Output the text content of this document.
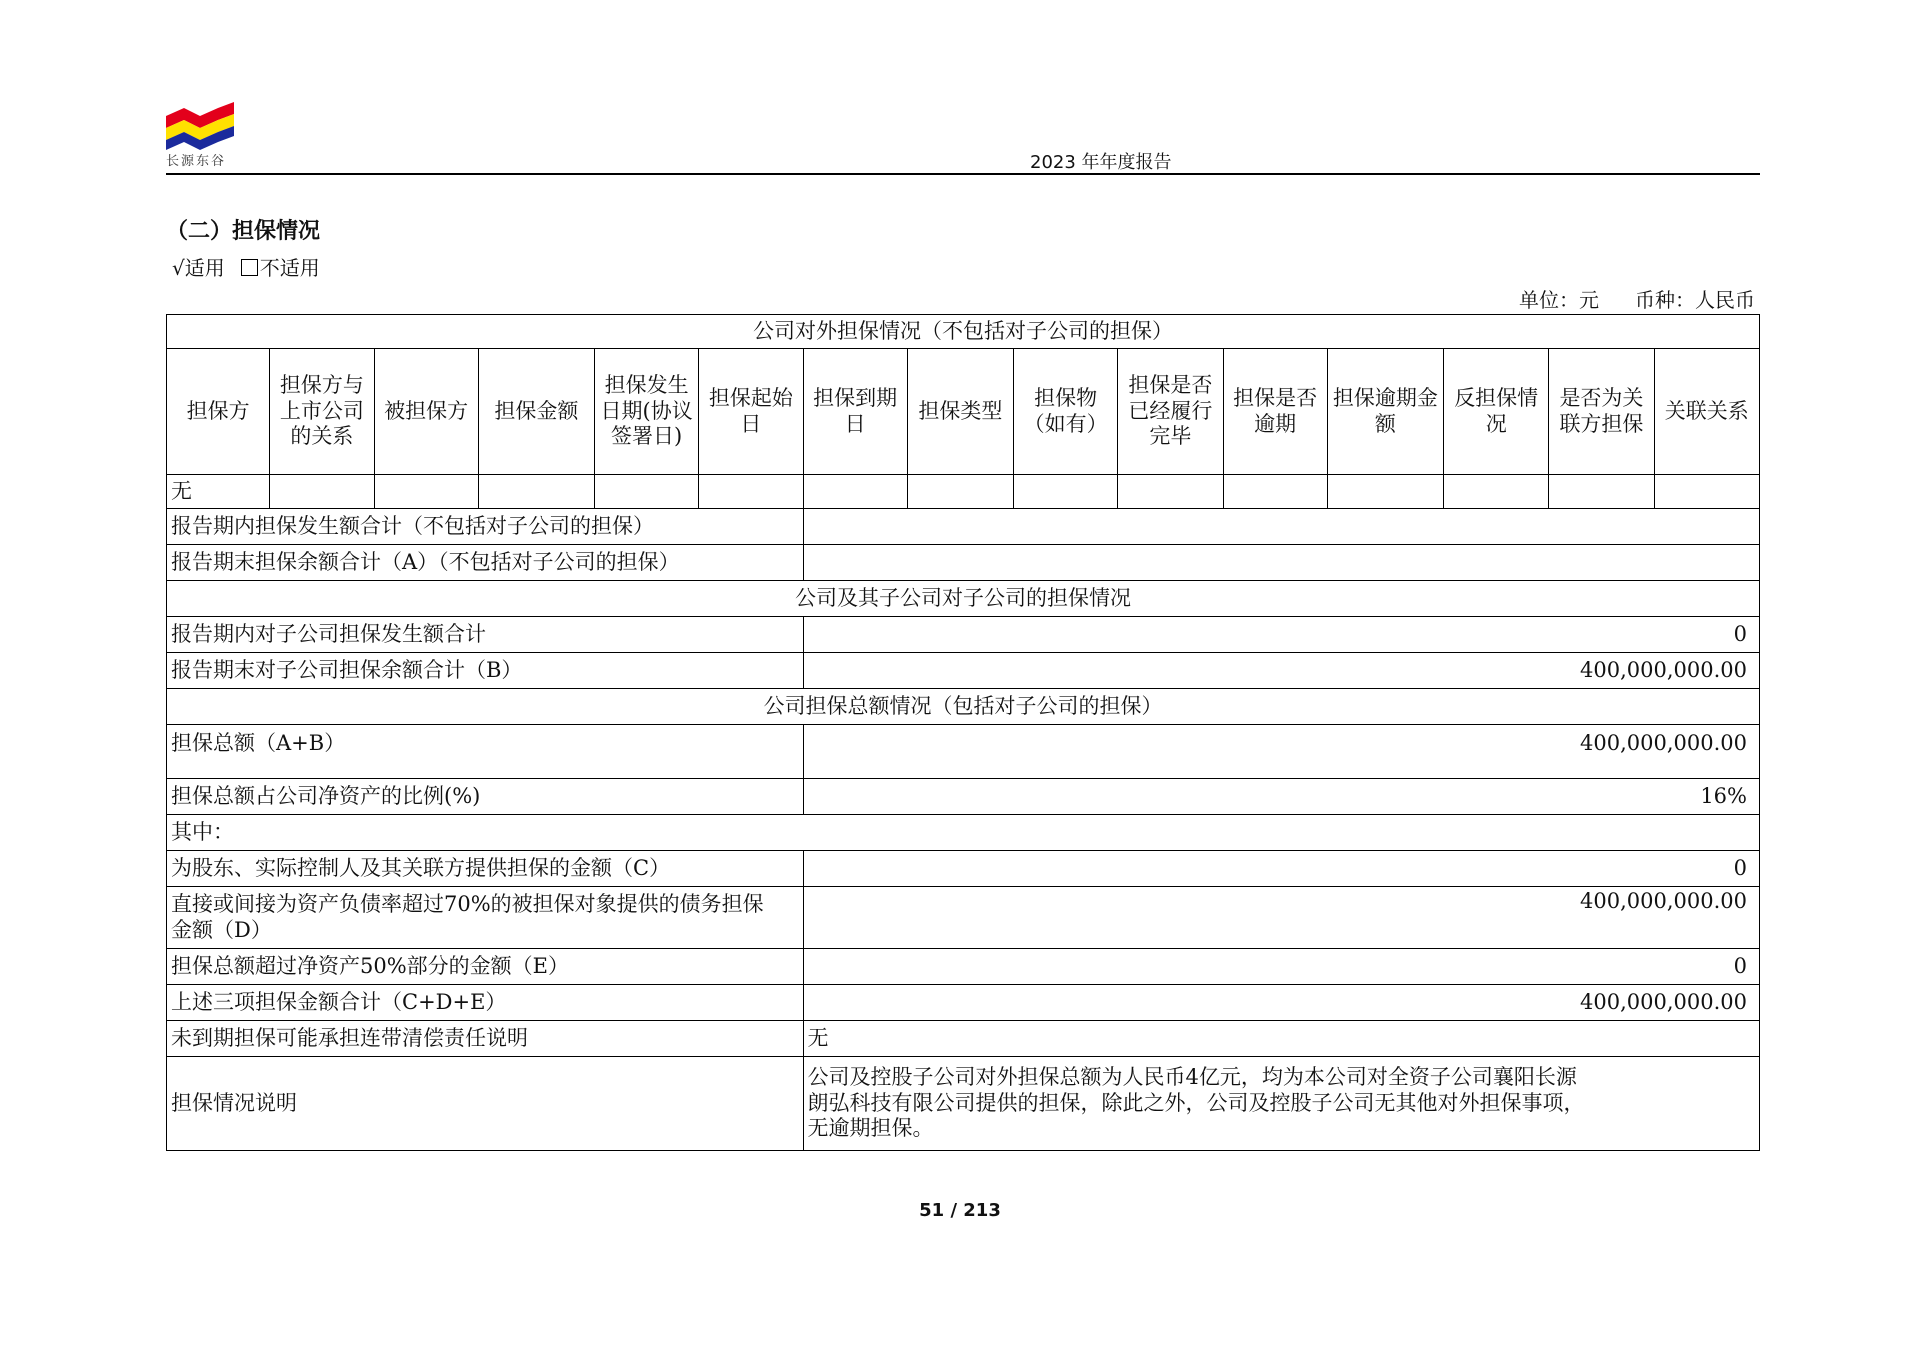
长源东谷	2023 年年度报告
（二）担保情况
√适用 不适用
单位：元 币种：人民币
公司对外担保情况（不包括对子公司的担保）														
担保方	担保方与上市公司的关系	被担保方	担保金额	担保发生日期(协议签署日)	担保起始日	担保到期日	担保类型	担保物（如有）	担保是否已经履行完毕	担保是否逾期	担保逾期金额	反担保情况	是否为关联方担保	关联关系
无														
报告期内担保发生额合计（不包括对子公司的担保）														
报告期末担保余额合计（A）（不包括对子公司的担保）														
公司及其子公司对子公司的担保情况														
报告期内对子公司担保发生额合计						0								
报告期末对子公司担保余额合计（B）						400,000,000.00								
公司担保总额情况（包括对子公司的担保）														
担保总额（A+B）						400,000,000.00								
担保总额占公司净资产的比例(%)						16%								
其中：														
为股东、实际控制人及其关联方提供担保的金额（C）						0								
直接或间接为资产负债率超过70%的被担保对象提供的债务担保
金额（D）						400,000,000.00								
担保总额超过净资产50%部分的金额（E）						0								
上述三项担保金额合计（C+D+E）						400,000,000.00								
未到期担保可能承担连带清偿责任说明						无								
担保情况说明						公司及控股子公司对外担保总额为人民币4亿元，均为本公司对全资子公司襄阳长源
朗弘科技有限公司提供的担保，除此之外，公司及控股子公司无其他对外担保事项，
无逾期担保。								
51 / 213
